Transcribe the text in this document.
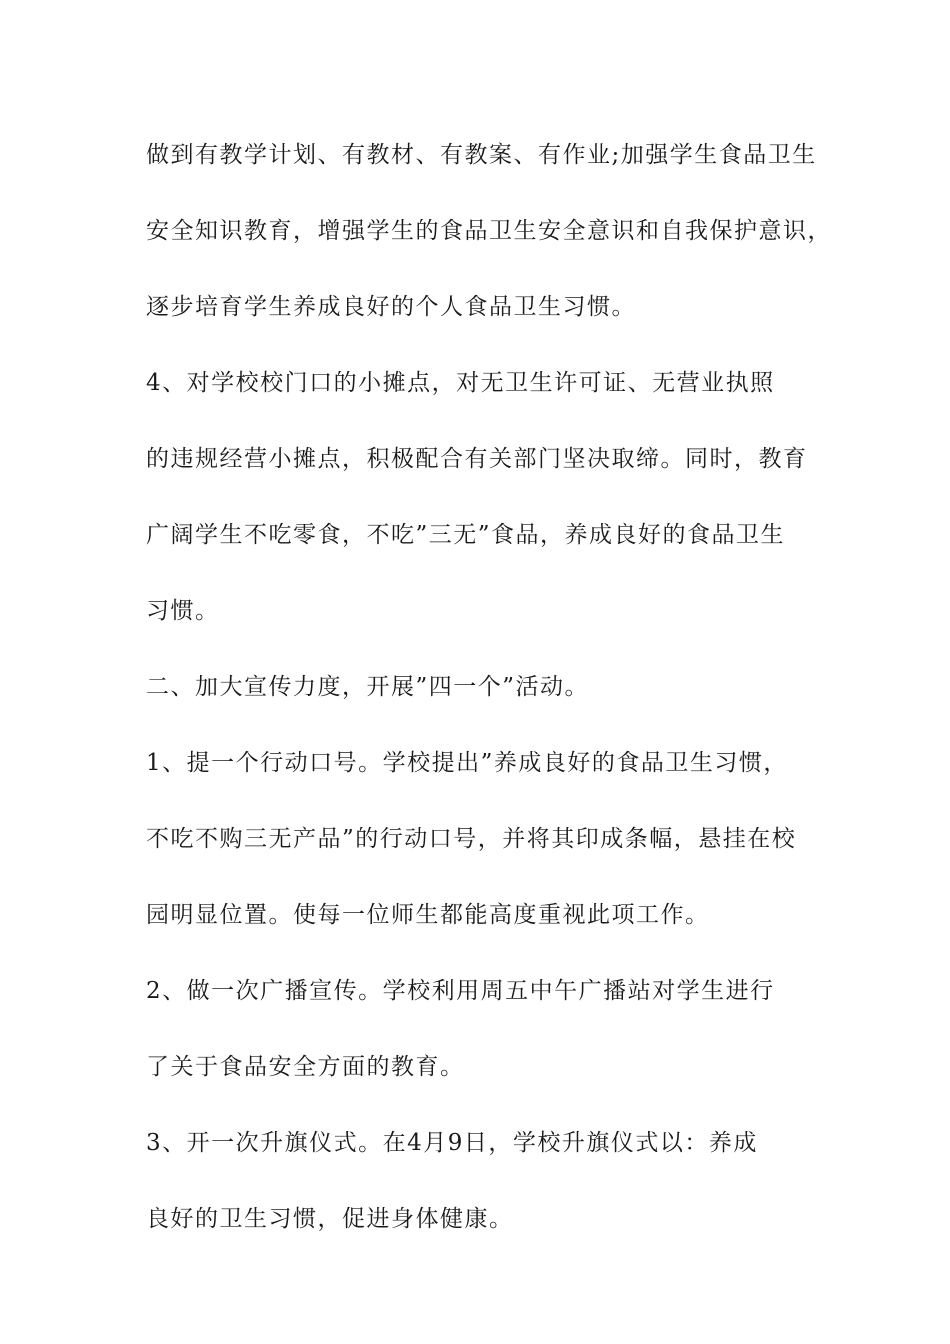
做到有教学计划、有教材、有教案、有作业;加强学生食品卫生
安全知识教育，增强学生的食品卫生安全意识和自我保护意识，
逐步培育学生养成良好的个人食品卫生习惯。
4、对学校校门口的小摊点，对无卫生许可证、无营业执照
的违规经营小摊点，积极配合有关部门坚决取缔。同时，教育
广阔学生不吃零食，不吃”三无”食品，养成良好的食品卫生
习惯。
二、加大宣传力度，开展”四一个”活动。
1、提一个行动口号。学校提出”养成良好的食品卫生习惯，
不吃不购三无产品”的行动口号，并将其印成条幅，悬挂在校
园明显位置。使每一位师生都能高度重视此项工作。
2、做一次广播宣传。学校利用周五中午广播站对学生进行
了关于食品安全方面的教育。
3、开一次升旗仪式。在4月9日，学校升旗仪式以：养成
良好的卫生习惯，促进身体健康。
